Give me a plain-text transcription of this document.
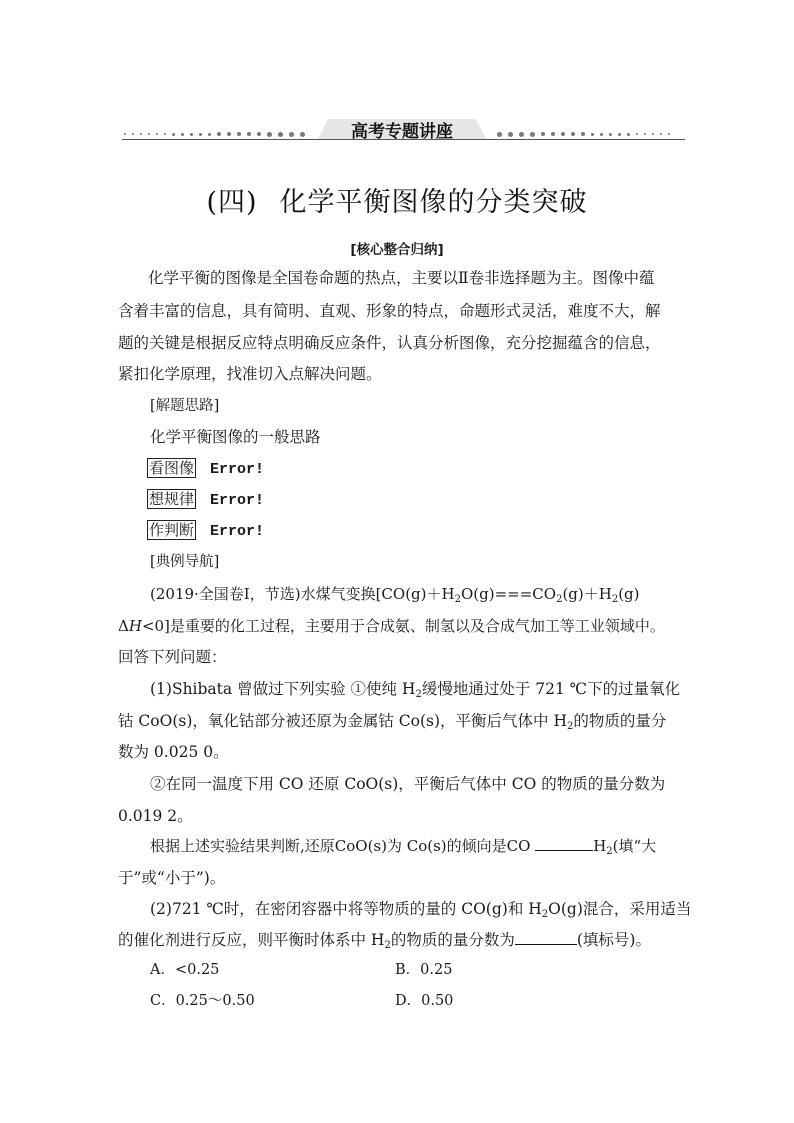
高考专题讲座
(四) 化学平衡图像的分类突破
[核心整合归纳]
化学平衡的图像是全国卷命题的热点，主要以Ⅱ卷非选择题为主。图像中蕴
含着丰富的信息，具有简明、直观、形象的特点，命题形式灵活，难度不大，解
题的关键是根据反应特点明确反应条件，认真分析图像，充分挖掘蕴含的信息，
紧扣化学原理，找准切入点解决问题。
[解题思路]
化学平衡图像的一般思路
看图像 Error!
想规律 Error!
作判断 Error!
[典例导航]
(2019·全国卷Ⅰ，节选)水煤气变换[$CO(g)+H_2O(g)===CO_2(g)+H_2(g)$
ΔH<0]是重要的化工过程，主要用于合成氨、制氢以及合成气加工等工业领域中。
回答下列问题：
(1)Shibata 曾做过下列实验 ①使纯 $H_2$缓慢地通过处于 721 ℃下的过量氧化
钴 CoO(s)，氧化钴部分被还原为金属钴 Co(s)，平衡后气体中 $H_2$的物质的量分
数为 0.025 0。
②在同一温度下用 CO 还原 CoO(s)，平衡后气体中 CO 的物质的量分数为
0.019 2。
根据上述实验结果判断,还原CoO(s)为 Co(s)的倾向是CO	$H_2$(填“大
于”或“小于”)。
(2)721 ℃时，在密闭容器中将等物质的量的 CO(g)和 $H_2O(g)$混合，采用适当
的催化剂进行反应，则平衡时体系中 $H_2$的物质的量分数为	(填标号)。
A．<0.25	B．0.25
C．0.25～0.50	D．0.50
